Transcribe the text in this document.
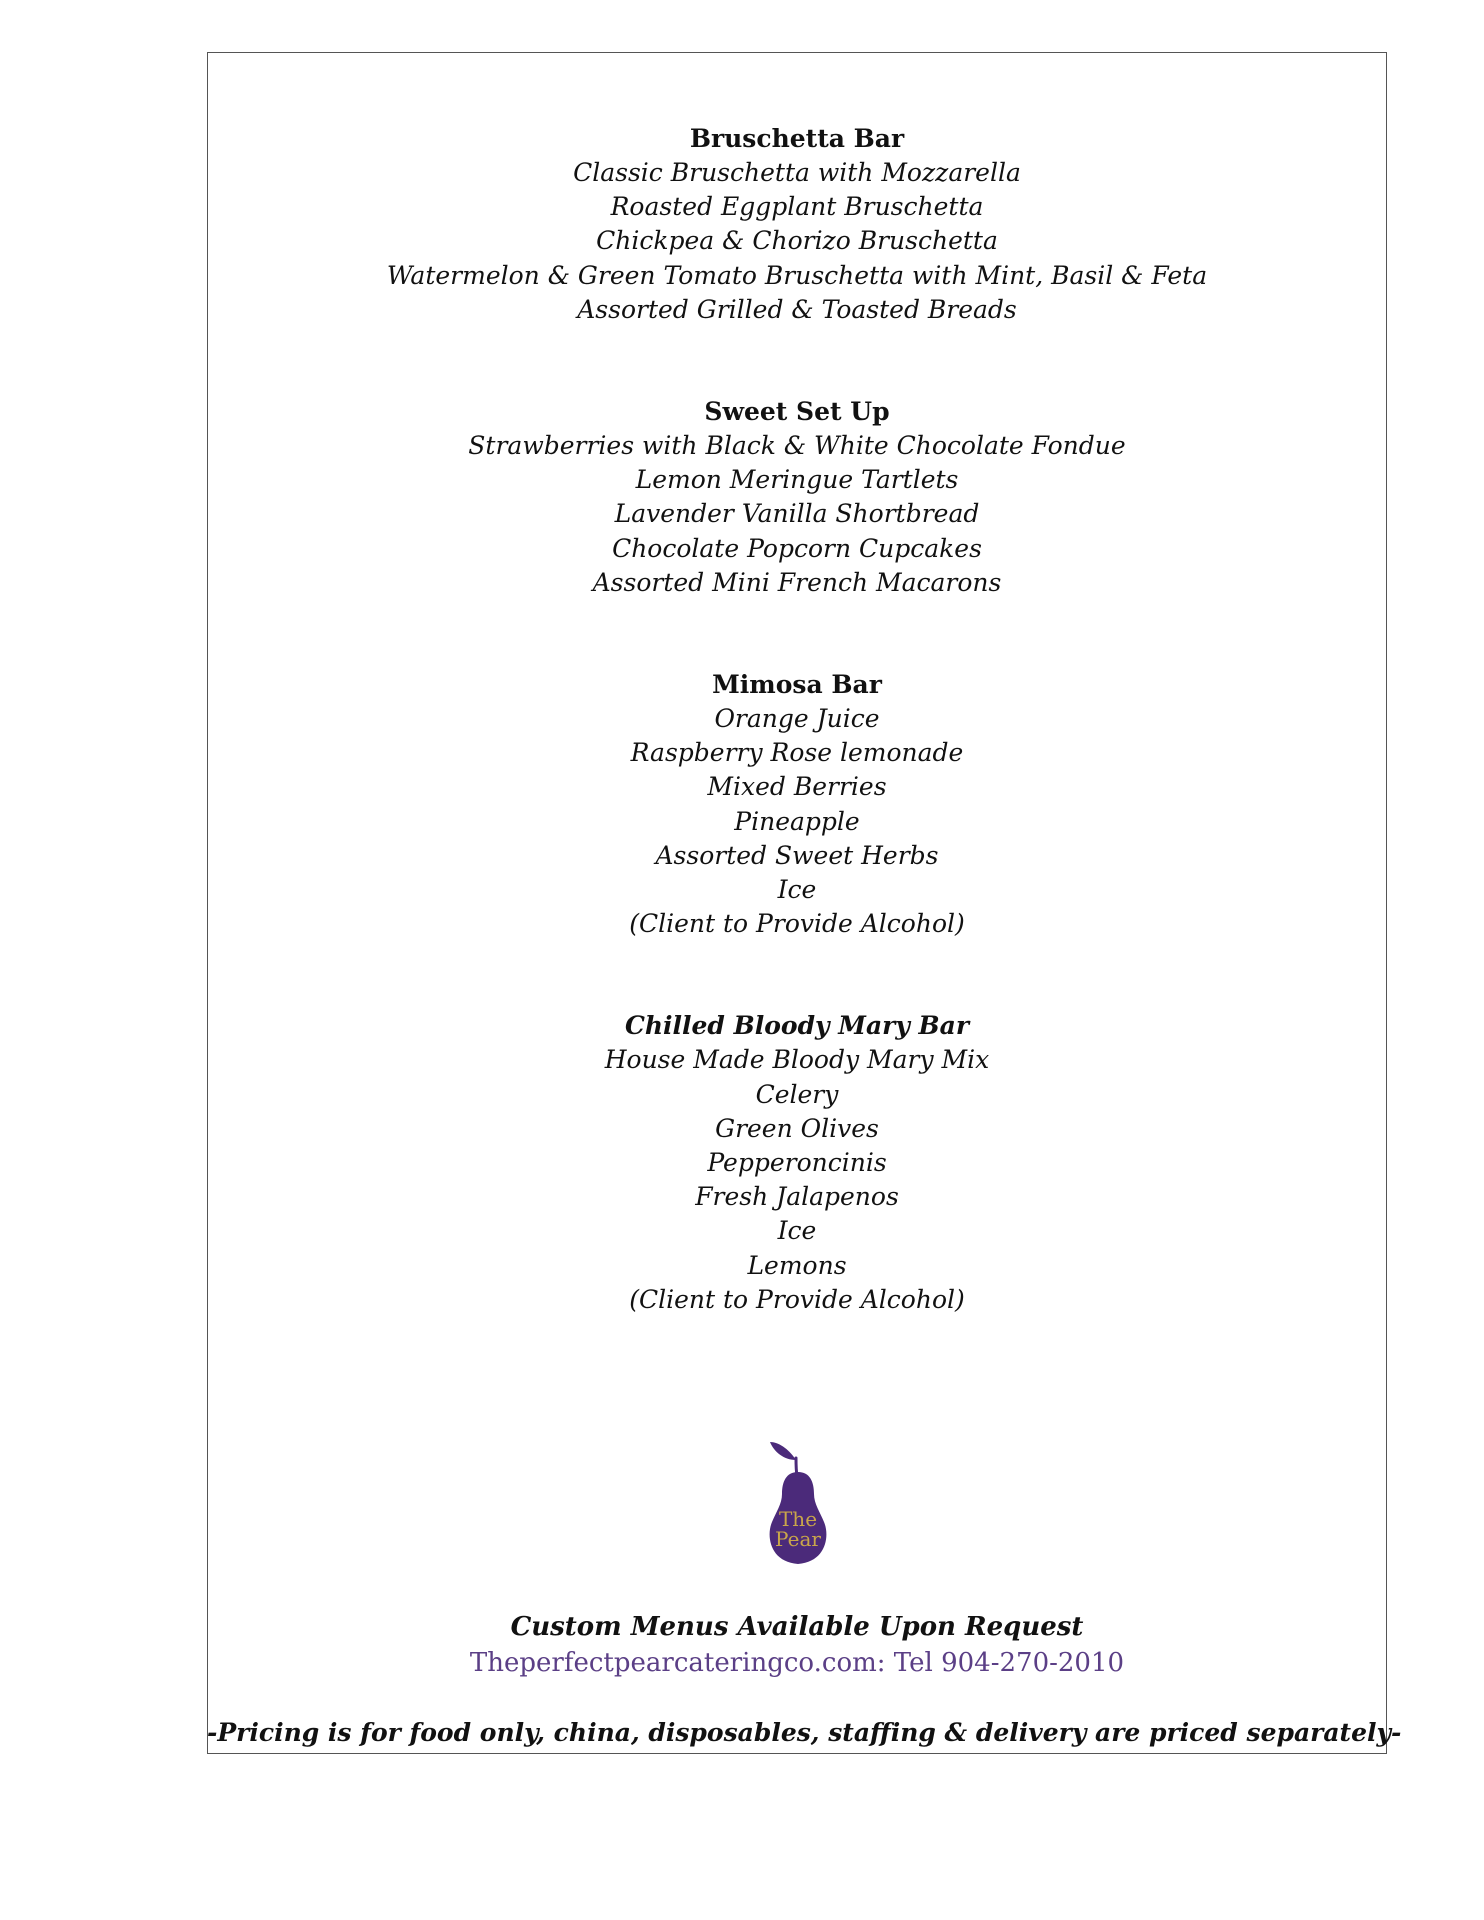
Bruschetta Bar

Classic Bruschetta with Mozzarella

Roasted Eggplant Bruschetta

Chickpea & Chorizo Bruschetta

Watermelon & Green Tomato Bruschetta with Mint, Basil & Feta

Assorted Grilled & Toasted Breads

Sweet Set Up

Strawberries with Black & White Chocolate Fondue

Lemon Meringue Tartlets

Lavender Vanilla Shortbread

Chocolate Popcorn Cupcakes

Assorted Mini French Macarons

Mimosa Bar

Orange Juice

Raspberry Rose lemonade

Mixed Berries

Pineapple

Assorted Sweet Herbs

Ice

(Client to Provide Alcohol)

Chilled Bloody Mary Bar

House Made Bloody Mary Mix

Celery

Green Olives

Pepperoncinis

Fresh Jalapenos

Ice

Lemons

(Client to Provide Alcohol)

The
Pear
Custom Menus Available Upon Request
Theperfectpearcateringco.com: Tel 904-270-2010
-Pricing is for food only, china, disposables, staffing & delivery are priced separately-
